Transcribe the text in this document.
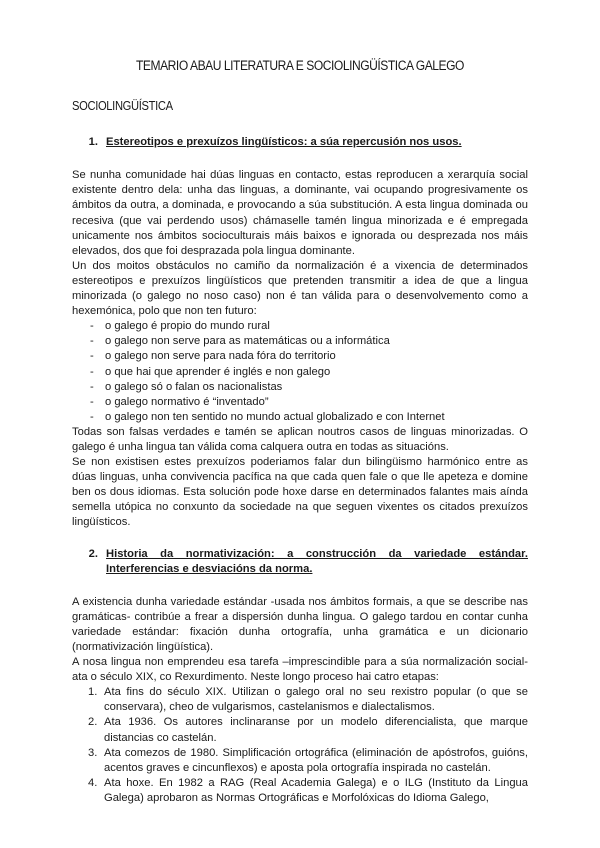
TEMARIO ABAU LITERATURA E SOCIOLINGÜÍSTICA GALEGO
SOCIOLINGÜÍSTICA
1. Estereotipos e prexuízos lingüísticos: a súa repercusión nos usos.

Se nunha comunidade hai dúas linguas en contacto, estas reproducen a xerarquía social existente dentro dela: unha das linguas, a dominante, vai ocupando progresivamente os ámbitos da outra, a dominada, e provocando a súa substitución. A esta lingua dominada ou recesiva (que vai perdendo usos) chámaselle tamén lingua minorizada e é empregada unicamente nos ámbitos socioculturais máis baixos e ignorada ou desprezada nos máis elevados, dos que foi desprazada pola lingua dominante.

Un dos moitos obstáculos no camiño da normalización é a vixencia de determinados estereotipos e prexuízos lingüísticos que pretenden transmitir a idea de que a lingua minorizada (o galego no noso caso) non é tan válida para o desenvolvemento como a hexemónica, polo que non ten futuro:

-	o galego é propio do mundo rural
-	o galego non serve para as matemáticas ou a informática
-	o galego non serve para nada fóra do territorio
-	o que hai que aprender é inglés e non galego
-	o galego só o falan os nacionalistas
-	o galego normativo é “inventado”
-	o galego non ten sentido no mundo actual globalizado e con Internet

Todas son falsas verdades e tamén se aplican noutros casos de linguas minorizadas. O galego é unha lingua tan válida coma calquera outra en todas as situacións.

Se non existisen estes prexuízos poderiamos falar dun bilingüismo harmónico entre as dúas linguas, unha convivencia pacífica na que cada quen fale o que lle apeteza e domine ben os dous idiomas. Esta solución pode hoxe darse en determinados falantes mais aínda semella utópica no conxunto da sociedade na que seguen vixentes os citados prexuízos lingüísticos.

2. Historia da normativización: a construcción da variedade estándar. Interferencias e desviacións da norma.

A existencia dunha variedade estándar -usada nos ámbitos formais, a que se describe nas gramáticas- contribúe a frear a dispersión dunha lingua. O galego tardou en contar cunha variedade estándar: fixación dunha ortografía, unha gramática e un dicionario (normativización lingüística).

A nosa lingua non emprendeu esa tarefa –imprescindible para a súa normalización social- ata o século XIX, co Rexurdimento. Neste longo proceso hai catro etapas:

1. Ata fins do século XIX. Utilizan o galego oral no seu rexistro popular (o que se conservara), cheo de vulgarismos, castelanismos e dialectalismos.
2. Ata 1936. Os autores inclinaranse por un modelo diferencialista, que marque distancias co castelán.
3. Ata comezos de 1980. Simplificación ortográfica (eliminación de apóstrofos, guións, acentos graves e cincunflexos) e aposta pola ortografía inspirada no castelán.
4. Ata hoxe. En 1982 a RAG (Real Academia Galega) e o ILG (Instituto da Lingua Galega) aprobaron as Normas Ortográficas e Morfolóxicas do Idioma Galego,
